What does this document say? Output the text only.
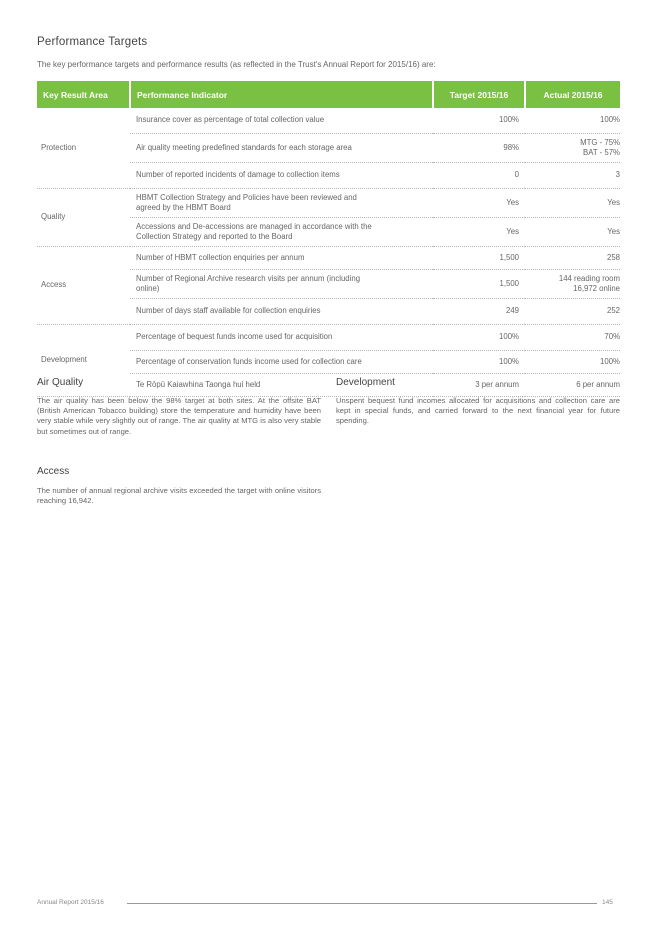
Performance Targets

The key performance targets and performance results (as reflected in the Trust's Annual Report for 2015/16) are:

Key Result Area	Performance Indicator	Target 2015/16	Actual 2015/16
Protection	Insurance cover as percentage of total collection value	100%	100%
	Air quality meeting predefined standards for each storage area	98%	MTG - 75%
BAT - 57%

	Number of reported incidents of damage to collection items	0	3
Quality	HBMT Collection Strategy and Policies have been reviewed and
agreed by the HBMT Board	Yes	Yes

	Accessions and De-accessions are managed in accordance with the
Collection Strategy and reported to the Board	Yes	Yes
Access	Number of HBMT collection enquiries per annum	1,500	258

	Number of Regional Archive research visits per annum (including
online)	1,500	144 reading room
16,972 online

	Number of days staff available for collection enquiries	249	252
Development	Percentage of bequest funds income used for acquisition	100%	70%
	Percentage of conservation funds income used for collection care	100%	100%
	Te Rōpū Kaiawhina Taonga hui held	3 per annum	6 per annum
Air Quality

The air quality has been below the 98% target at both sites. At the offsite BAT (British American Tobacco building) store the temperature and humidity have been very stable while very slightly out of range. The air quality at MTG is also very stable but sometimes out of range.

Access

The number of annual regional archive visits exceeded the target with online visitors reaching 16,942.

Development

Unspent bequest fund incomes allocated for acquisitions and collection care are kept in special funds, and carried forward to the next financial year for future spending.

Annual Report 2015/16	145
